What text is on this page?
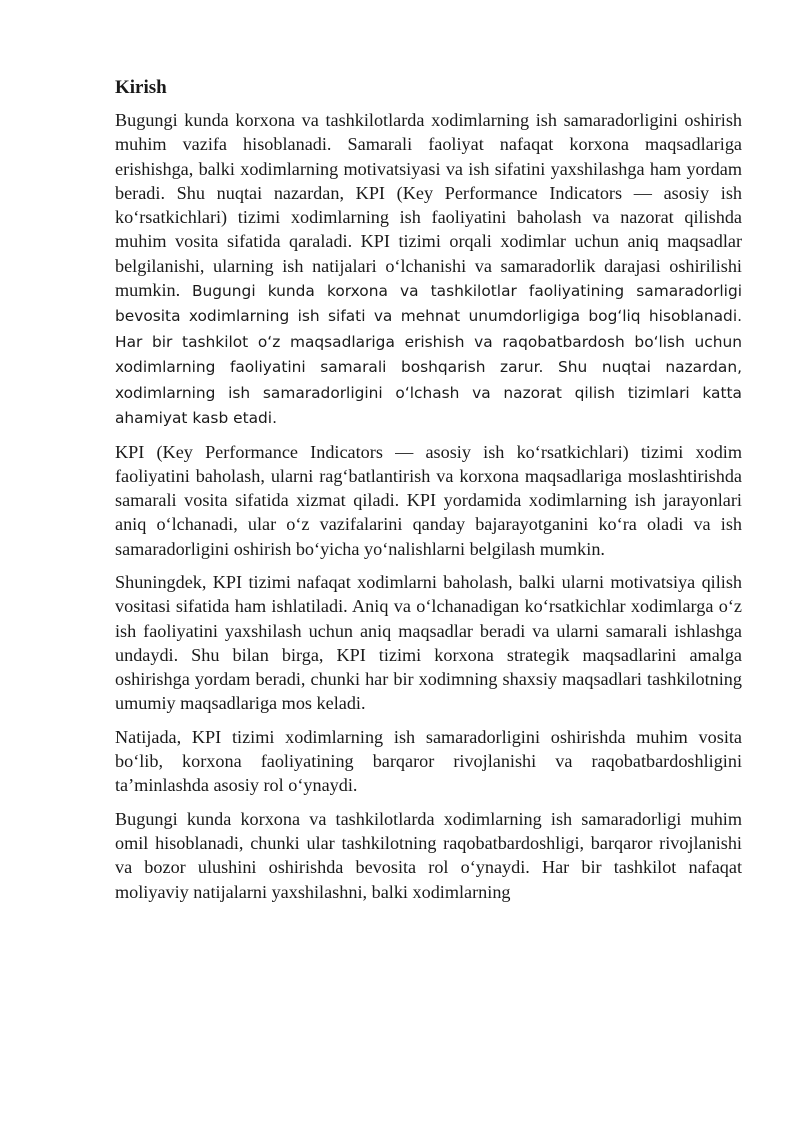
Kirish

Bugungi kunda korxona va tashkilotlarda xodimlarning ish samaradorligini oshirish muhim vazifa hisoblanadi. Samarali faoliyat nafaqat korxona maqsadlariga erishishga, balki xodimlarning motivatsiyasi va ish sifatini yaxshilashga ham yordam beradi. Shu nuqtai nazardan, KPI (Key Performance Indicators — asosiy ish koʻrsatkichlari) tizimi xodimlarning ish faoliyatini baholash va nazorat qilishda muhim vosita sifatida qaraladi. KPI tizimi orqali xodimlar uchun aniq maqsadlar belgilanishi, ularning ish natijalari oʻlchanishi va samaradorlik darajasi oshirilishi mumkin. Bugungi kunda korxona va tashkilotlar faoliyatining samaradorligi bevosita xodimlarning ish sifati va mehnat unumdorligiga bogʻliq hisoblanadi. Har bir tashkilot oʻz maqsadlariga erishish va raqobatbardosh boʻlish uchun xodimlarning faoliyatini samarali boshqarish zarur. Shu nuqtai nazardan, xodimlarning ish samaradorligini oʻlchash va nazorat qilish tizimlari katta ahamiyat kasb etadi.

KPI (Key Performance Indicators — asosiy ish koʻrsatkichlari) tizimi xodim faoliyatini baholash, ularni ragʻbatlantirish va korxona maqsadlariga moslashtirishda samarali vosita sifatida xizmat qiladi. KPI yordamida xodimlarning ish jarayonlari aniq oʻlchanadi, ular oʻz vazifalarini qanday bajarayotganini koʻra oladi va ish samaradorligini oshirish boʻyicha yoʻnalishlarni belgilash mumkin.

Shuningdek, KPI tizimi nafaqat xodimlarni baholash, balki ularni motivatsiya qilish vositasi sifatida ham ishlatiladi. Aniq va oʻlchanadigan koʻrsatkichlar xodimlarga oʻz ish faoliyatini yaxshilash uchun aniq maqsadlar beradi va ularni samarali ishlashga undaydi. Shu bilan birga, KPI tizimi korxona strategik maqsadlarini amalga oshirishga yordam beradi, chunki har bir xodimning shaxsiy maqsadlari tashkilotning umumiy maqsadlariga mos keladi.

Natijada, KPI tizimi xodimlarning ish samaradorligini oshirishda muhim vosita boʻlib, korxona faoliyatining barqaror rivojlanishi va raqobatbardoshligini taʼminlashda asosiy rol oʻynaydi.

Bugungi kunda korxona va tashkilotlarda xodimlarning ish samaradorligi muhim omil hisoblanadi, chunki ular tashkilotning raqobatbardoshligi, barqaror rivojlanishi va bozor ulushini oshirishda bevosita rol oʻynaydi. Har bir tashkilot nafaqat moliyaviy natijalarni yaxshilashni, balki xodimlarning
